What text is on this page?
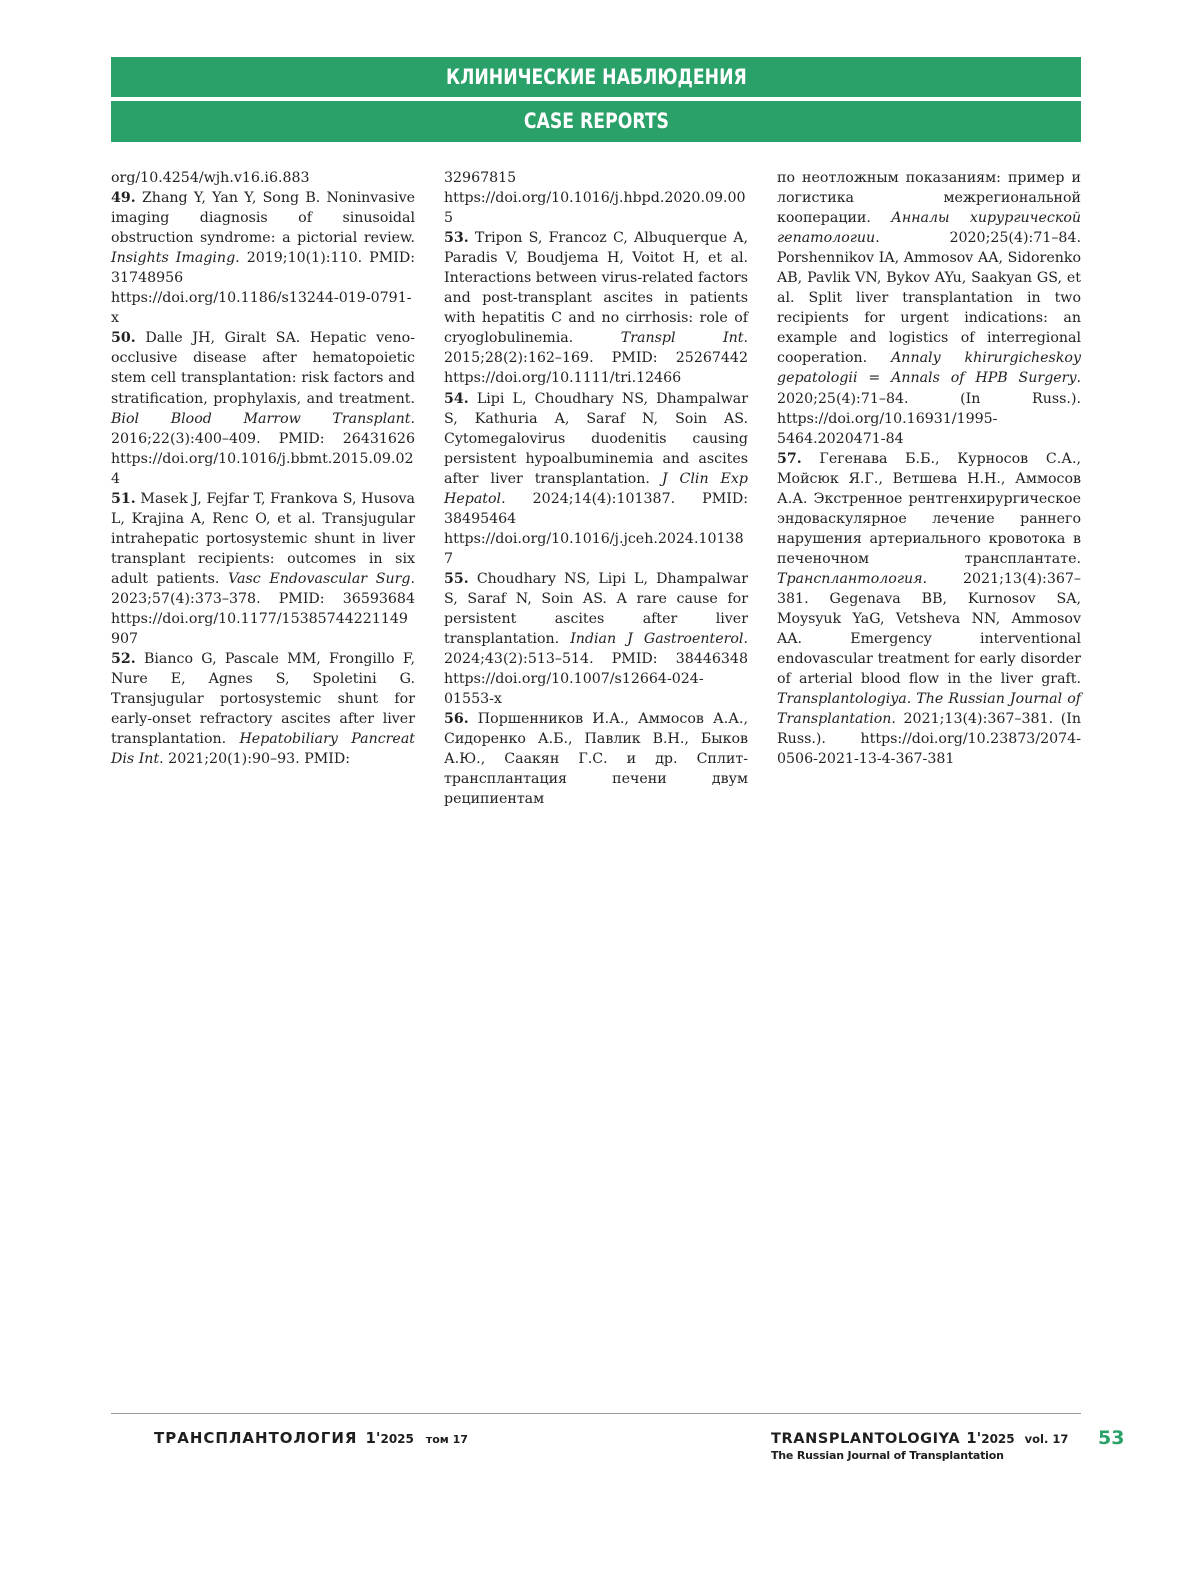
КЛИНИЧЕСКИЕ НАБЛЮДЕНИЯ
CASE REPORTS

org/10.4254/wjh.v16.i6.883

49. Zhang Y, Yan Y, Song B. Noninvasive imaging diagnosis of sinusoidal obstruction syndrome: a pictorial review. Insights Imaging. 2019;10(1):110. PMID: 31748956 https://doi.org/10.1186/s13244-019-0791-x

50. Dalle JH, Giralt SA. Hepatic veno-occlusive disease after hematopoietic stem cell transplantation: risk factors and stratification, prophylaxis, and treatment. Biol Blood Marrow Transplant. 2016;22(3):400–409. PMID: 26431626 https://doi.org/10.1016/j.bbmt.2015.09.024

51. Masek J, Fejfar T, Frankova S, Husova L, Krajina A, Renc O, et al. Transjugular intrahepatic portosystemic shunt in liver transplant recipients: outcomes in six adult patients. Vasc Endovascular Surg. 2023;57(4):373–378. PMID: 36593684 https://doi.org/10.1177/15385744221149907

52. Bianco G, Pascale MM, Frongillo F, Nure E, Agnes S, Spoletini G. Transjugular portosystemic shunt for early-onset refractory ascites after liver transplantation. Hepatobiliary Pancreat Dis Int. 2021;20(1):90–93. PMID:

32967815 https://doi.org/10.1016/j.hbpd.2020.09.005

53. Tripon S, Francoz C, Albuquerque A, Paradis V, Boudjema H, Voitot H, et al. Interactions between virus-related factors and post-transplant ascites in patients with hepatitis C and no cirrhosis: role of cryoglobulinemia. Transpl Int. 2015;28(2):162–169. PMID: 25267442 https://doi.org/10.1111/tri.12466

54. Lipi L, Choudhary NS, Dhampalwar S, Kathuria A, Saraf N, Soin AS. Cytomegalovirus duodenitis causing persistent hypoalbuminemia and ascites after liver transplantation. J Clin Exp Hepatol. 2024;14(4):101387. PMID: 38495464 https://doi.org/10.1016/j.jceh.2024.101387

55. Choudhary NS, Lipi L, Dhampalwar S, Saraf N, Soin AS. A rare cause for persistent ascites after liver transplantation. Indian J Gastroenterol. 2024;43(2):513–514. PMID: 38446348 https://doi.org/10.1007/s12664-024-01553-x

56. Поршенников И.А., Аммосов А.А., Сидоренко А.Б., Павлик В.Н., Быков А.Ю., Саакян Г.С. и др. Сплит-трансплантация печени двум реципиентам

по неотложным показаниям: пример и логистика межрегиональной кооперации. Анналы хирургической гепатологии. 2020;25(4):71–84. Porshennikov IA, Ammosov AA, Sidorenko AB, Pavlik VN, Bykov AYu, Saakyan GS, et al. Split liver transplantation in two recipients for urgent indications: an example and logistics of interregional cooperation. Annaly khirurgicheskoy gepatologii = Annals of HPB Surgery. 2020;25(4):71–84. (In Russ.). https://doi.org/10.16931/1995-5464.2020471-84

57. Гегенава Б.Б., Курносов С.А., Мойсюк Я.Г., Ветшева Н.Н., Аммосов А.А. Экстренное рентгенхирургическое эндоваскулярное лечение раннего нарушения артериального кровотока в печеночном трансплантате. Трансплантология. 2021;13(4):367–381. Gegenava BB, Kurnosov SA, Moysyuk YaG, Vetsheva NN, Ammosov AA. Emergency interventional endovascular treatment for early disorder of arterial blood flow in the liver graft. Transplantologiya. The Russian Journal of Transplantation. 2021;13(4):367–381. (In Russ.). https://doi.org/10.23873/2074-0506-2021-13-4-367-381

ТРАНСПЛАНТОЛОГИЯ 1'2025 том 17	TRANSPLANTOLOGIYA 1'2025 vol. 17
The Russian Journal of Transplantation
53
